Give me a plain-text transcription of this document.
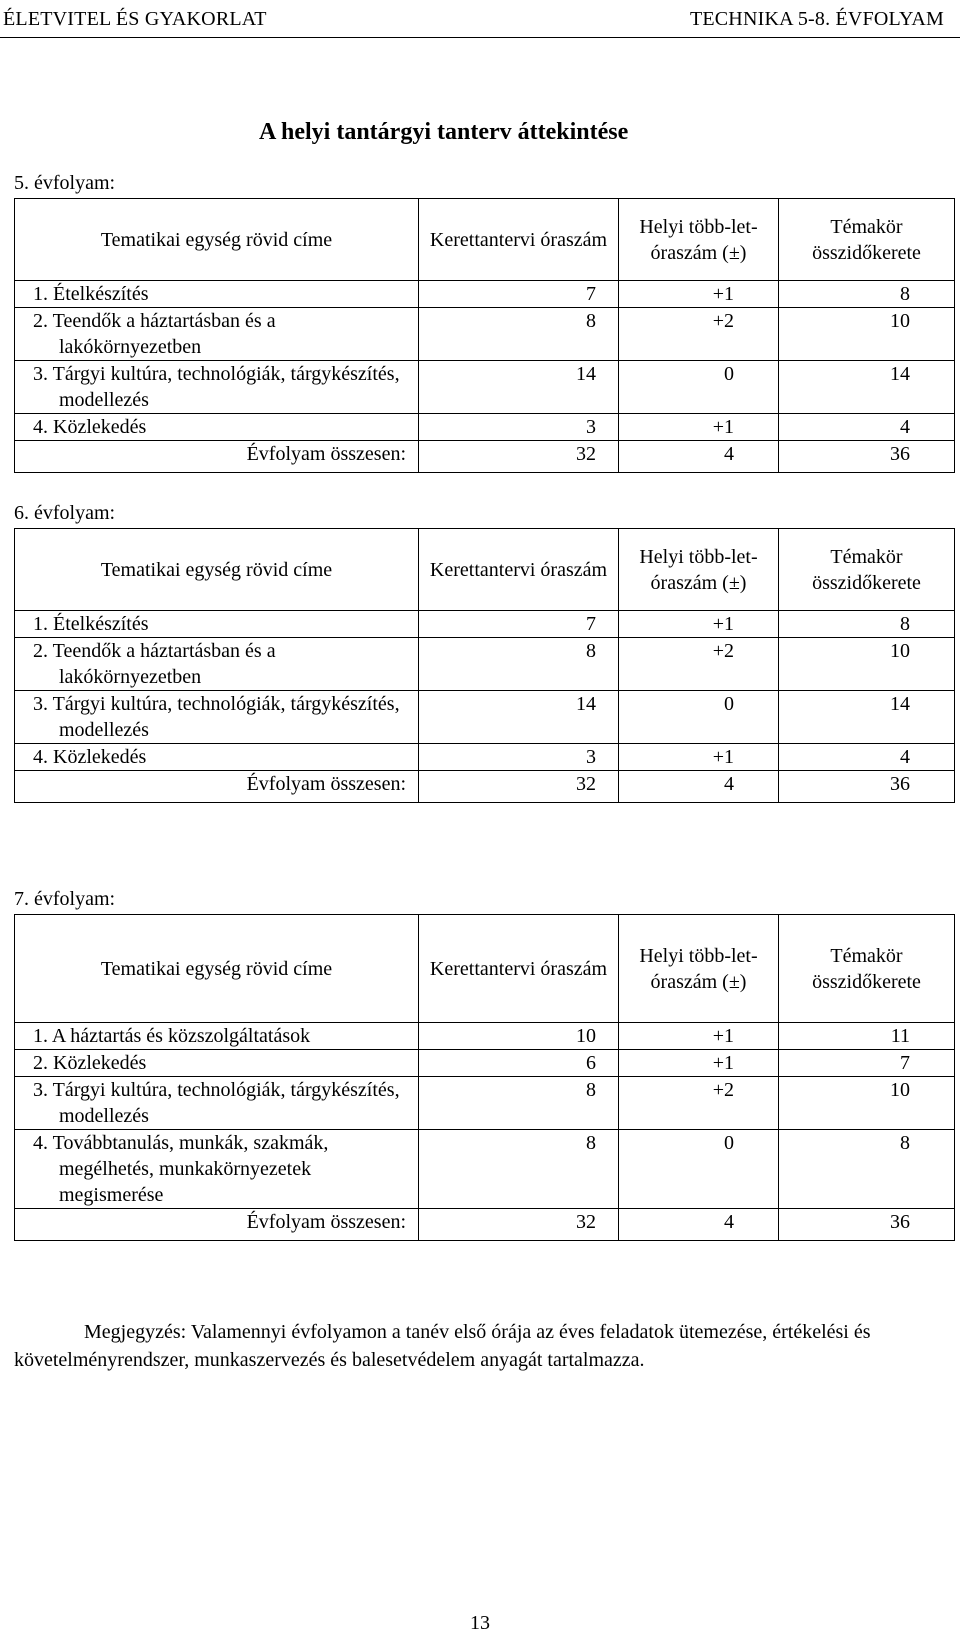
ÉLETVITEL ÉS GYAKORLAT	TECHNIKA 5-8. ÉVFOLYAM
A helyi tantárgyi tanterv áttekintése
5. évfolyam:
Tematikai egység rövid címe	Kerettantervi óraszám	Helyi több-let-óraszám (±)	Témakör összidőkerete
1. Ételkészítés	7	+1	8
2. Teendők a háztartásban és a lakókörnyezetben	8	+2	10
3. Tárgyi kultúra, technológiák, tárgykészítés, modellezés	14	0	14
4. Közlekedés	3	+1	4
Évfolyam összesen:	32	4	36
6. évfolyam:
Tematikai egység rövid címe	Kerettantervi óraszám	Helyi több-let-óraszám (±)	Témakör összidőkerete
1. Ételkészítés	7	+1	8
2. Teendők a háztartásban és a lakókörnyezetben	8	+2	10
3. Tárgyi kultúra, technológiák, tárgykészítés, modellezés	14	0	14
4. Közlekedés	3	+1	4
Évfolyam összesen:	32	4	36
7. évfolyam:
Tematikai egység rövid címe	Kerettantervi óraszám	Helyi több-let-óraszám (±)	Témakör összidőkerete
1. A háztartás és közszolgáltatások	10	+1	11
2. Közlekedés	6	+1	7
3. Tárgyi kultúra, technológiák, tárgykészítés, modellezés	8	+2	10
4. Továbbtanulás, munkák, szakmák, megélhetés, munkakörnyezetek megismerése	8	0	8
Évfolyam összesen:	32	4	36
Megjegyzés: Valamennyi évfolyamon a tanév első órája az éves feladatok ütemezése, értékelési és követelményrendszer, munkaszervezés és balesetvédelem anyagát tartalmazza.
13
